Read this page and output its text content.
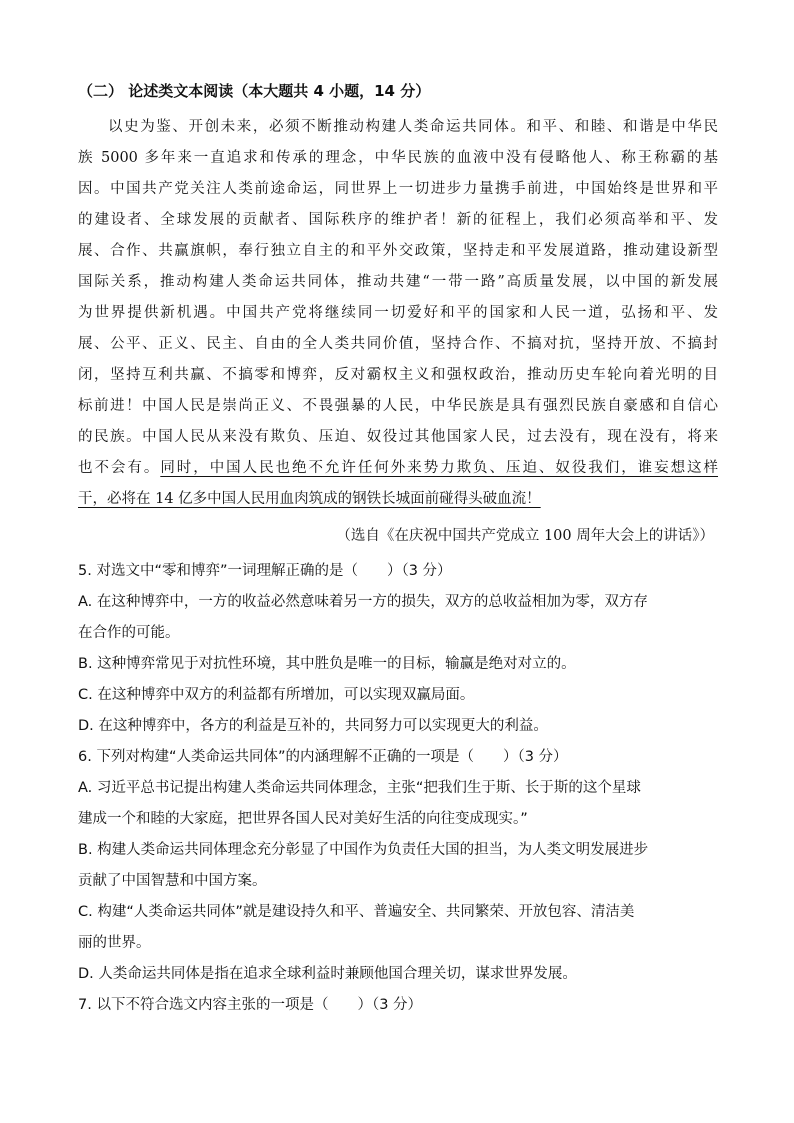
（二） 论述类文本阅读（本大题共 4 小题，14 分）
以史为鉴、开创未来，必须不断推动构建人类命运共同体。和平、和睦、和谐是中华民
族 5000 多年来一直追求和传承的理念，中华民族的血液中没有侵略他人、称王称霸的基
因。中国共产党关注人类前途命运，同世界上一切进步力量携手前进，中国始终是世界和平
的建设者、全球发展的贡献者、国际秩序的维护者！新的征程上，我们必须高举和平、发
展、合作、共赢旗帜，奉行独立自主的和平外交政策，坚持走和平发展道路，推动建设新型
国际关系，推动构建人类命运共同体，推动共建“一带一路”高质量发展，以中国的新发展
为世界提供新机遇。中国共产党将继续同一切爱好和平的国家和人民一道，弘扬和平、发
展、公平、正义、民主、自由的全人类共同价值，坚持合作、不搞对抗，坚持开放、不搞封
闭，坚持互利共赢、不搞零和博弈，反对霸权主义和强权政治，推动历史车轮向着光明的目
标前进！中国人民是崇尚正义、不畏强暴的人民，中华民族是具有强烈民族自豪感和自信心
的民族。中国人民从来没有欺负、压迫、奴役过其他国家人民，过去没有，现在没有，将来
也不会有。同时，中国人民也绝不允许任何外来势力欺负、压迫、奴役我们，谁妄想这样
干，必将在 14 亿多中国人民用血肉筑成的钢铁长城面前碰得头破血流！
（选自《在庆祝中国共产党成立 100 周年大会上的讲话》）
5. 对选文中“零和博弈”一词理解正确的是（　　）（3 分）
A. 在这种博弈中，一方的收益必然意味着另一方的损失，双方的总收益相加为零，双方存
在合作的可能。
B. 这种博弈常见于对抗性环境，其中胜负是唯一的目标，输赢是绝对对立的。
C. 在这种博弈中双方的利益都有所增加，可以实现双赢局面。
D. 在这种博弈中，各方的利益是互补的，共同努力可以实现更大的利益。
6. 下列对构建“人类命运共同体”的内涵理解不正确的一项是（　　）（3 分）
A. 习近平总书记提出构建人类命运共同体理念，主张“把我们生于斯、长于斯的这个星球
建成一个和睦的大家庭，把世界各国人民对美好生活的向往变成现实。”
B. 构建人类命运共同体理念充分彰显了中国作为负责任大国的担当，为人类文明发展进步
贡献了中国智慧和中国方案。
C. 构建“人类命运共同体”就是建设持久和平、普遍安全、共同繁荣、开放包容、清洁美
丽的世界。
D. 人类命运共同体是指在追求全球利益时兼顾他国合理关切，谋求世界发展。
7. 以下不符合选文内容主张的一项是（　　）（3 分）
